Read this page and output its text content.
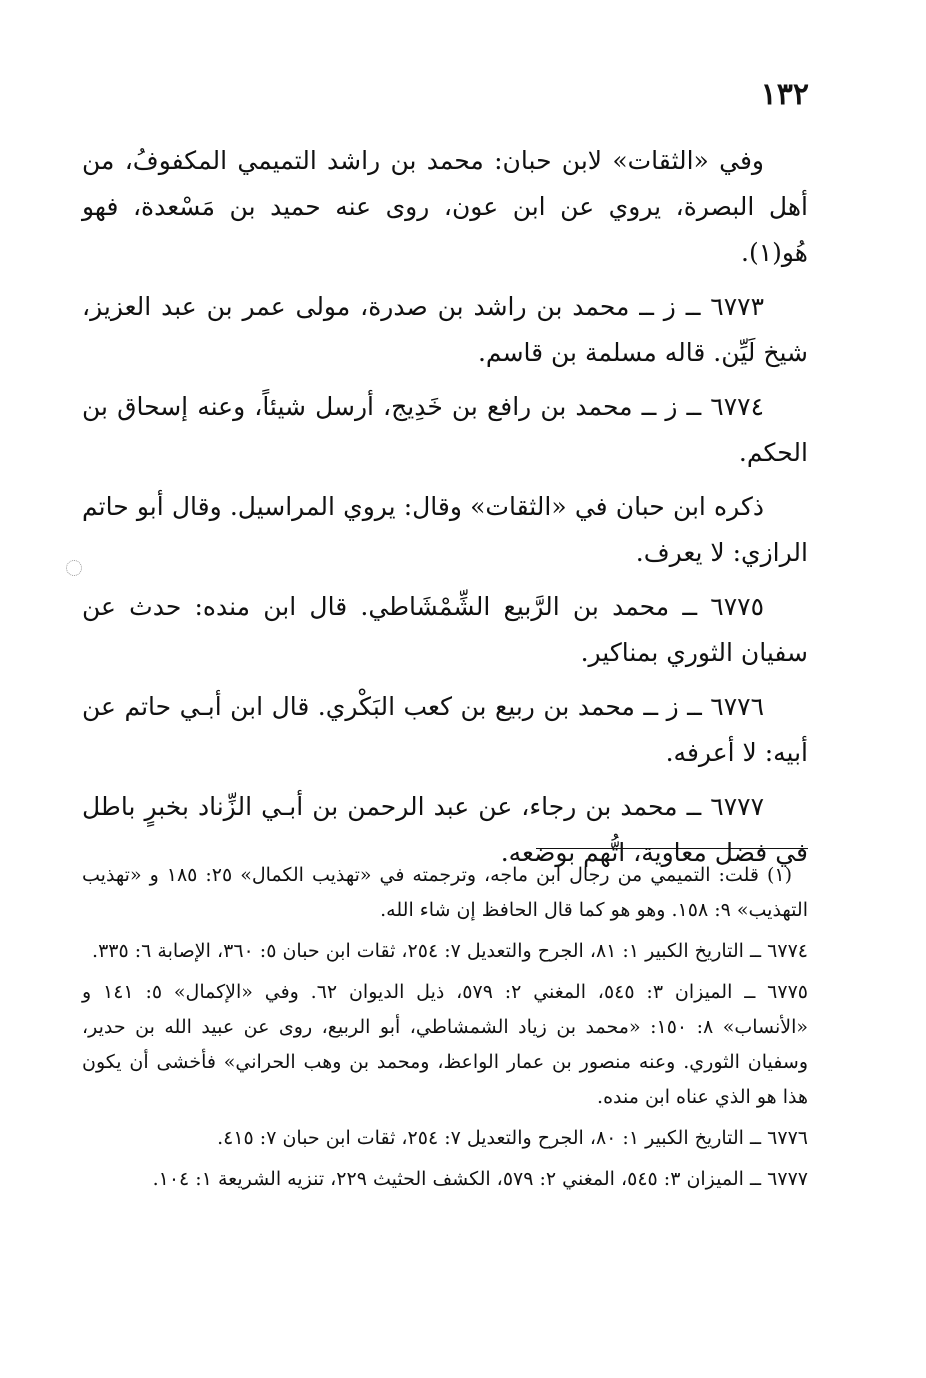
١٣٢

وفي «الثقات» لابن حبان: محمد بن راشد التميمي المكفوفُ، من أهل البصرة، يروي عن ابن عون، روى عنه حميد بن مَسْعدة، فهو هُو(١).

٦٧٧٣ ــ ز ــ محمد بن راشد بن صدرة، مولى عمر بن عبد العزيز، شيخ لَيِّن. قاله مسلمة بن قاسم.

٦٧٧٤ ــ ز ــ محمد بن رافع بن خَدِيج، أرسل شيئاً، وعنه إسحاق بن الحكم.

ذكره ابن حبان في «الثقات» وقال: يروي المراسيل. وقال أبو حاتم الرازي: لا يعرف.

٦٧٧٥ ــ محمد بن الرَّبيع الشِّمْشَاطي. قال ابن منده: حدث عن سفيان الثوري بمناكير.

٦٧٧٦ ــ ز ــ محمد بن ربيع بن كعب البَكْري. قال ابن أبـي حاتم عن أبيه: لا أعرفه.

٦٧٧٧ ــ محمد بن رجاء، عن عبد الرحمن بن أبـي الزِّناد بخبرٍ باطل في فضل معاوية، اتُّهم بوضعه.

(١) قلت: التميمي من رجال ابن ماجه، وترجمته في «تهذيب الكمال» ٢٥: ١٨٥ و «تهذيب التهذيب» ٩: ١٥٨. وهو هو كما قال الحافظ إن شاء الله.

٦٧٧٤ ــ التاريخ الكبير ١: ٨١، الجرح والتعديل ٧: ٢٥٤، ثقات ابن حبان ٥: ٣٦٠، الإصابة ٦: ٣٣٥.

٦٧٧٥ ــ الميزان ٣: ٥٤٥، المغني ٢: ٥٧٩، ذيل الديوان ٦٢. وفي «الإكمال» ٥: ١٤١ و «الأنساب» ٨: ١٥٠: «محمد بن زياد الشمشاطي، أبو الربيع، روى عن عبيد الله بن حدير، وسفيان الثوري. وعنه منصور بن عمار الواعظ، ومحمد بن وهب الحراني» فأخشى أن يكون هذا هو الذي عناه ابن منده.

٦٧٧٦ ــ التاريخ الكبير ١: ٨٠، الجرح والتعديل ٧: ٢٥٤، ثقات ابن حبان ٧: ٤١٥.

٦٧٧٧ ــ الميزان ٣: ٥٤٥، المغني ٢: ٥٧٩، الكشف الحثيث ٢٢٩، تنزيه الشريعة ١: ١٠٤.
